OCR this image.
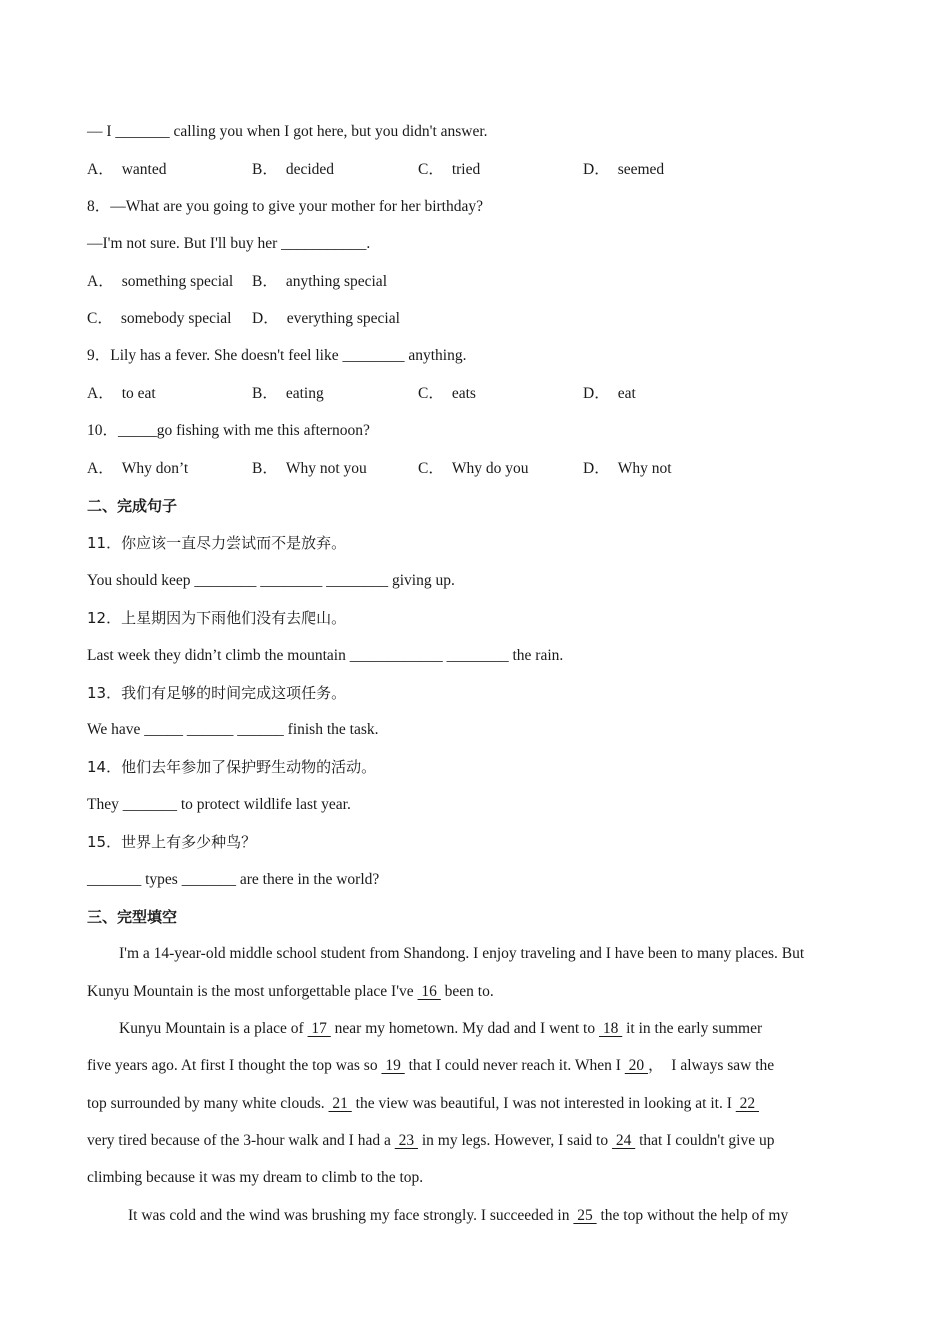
— I _______ calling you when I got here, but you didn't answer.
A． wanted	B． decided	C． tried	D． seemed
8．—What are you going to give your mother for her birthday?
—I'm not sure. But I'll buy her ___________.
A． something special B． anything special
C． somebody special D． everything special
9．Lily has a fever. She doesn't feel like ________ anything.
A． to eat	B． eating	C． eats	D． eat
10．_____go fishing with me this afternoon?
A． Why don’t	B． Why not you	C． Why do you	D． Why not
二、完成句子
11．你应该一直尽力尝试而不是放弃。
You should keep ________ ________ ________ giving up.
12．上星期因为下雨他们没有去爬山。
Last week they didn’t climb the mountain ____________ ________ the rain.
13．我们有足够的时间完成这项任务。
We have _____ ______ ______ finish the task.
14．他们去年参加了保护野生动物的活动。
They _______ to protect wildlife last year.
15．世界上有多少种鸟？
_______ types _______ are there in the world?
三、完型填空
I'm a 14-year-old middle school student from Shandong. I enjoy traveling and I have been to many places. But
Kunyu Mountain is the most unforgettable place I've  16  been to.
Kunyu Mountain is a place of  17  near my hometown. My dad and I went to  18  it in the early summer
five years ago. At first I thought the top was so  19  that I could never reach it. When I  20 ，  I always saw the
top surrounded by many white clouds.  21  the view was beautiful, I was not interested in looking at it. I  22
very tired because of the 3-hour walk and I had a  23  in my legs. However, I said to  24  that I couldn't give up
climbing because it was my dream to climb to the top.
It was cold and the wind was brushing my face strongly. I succeeded in  25  the top without the help of my
